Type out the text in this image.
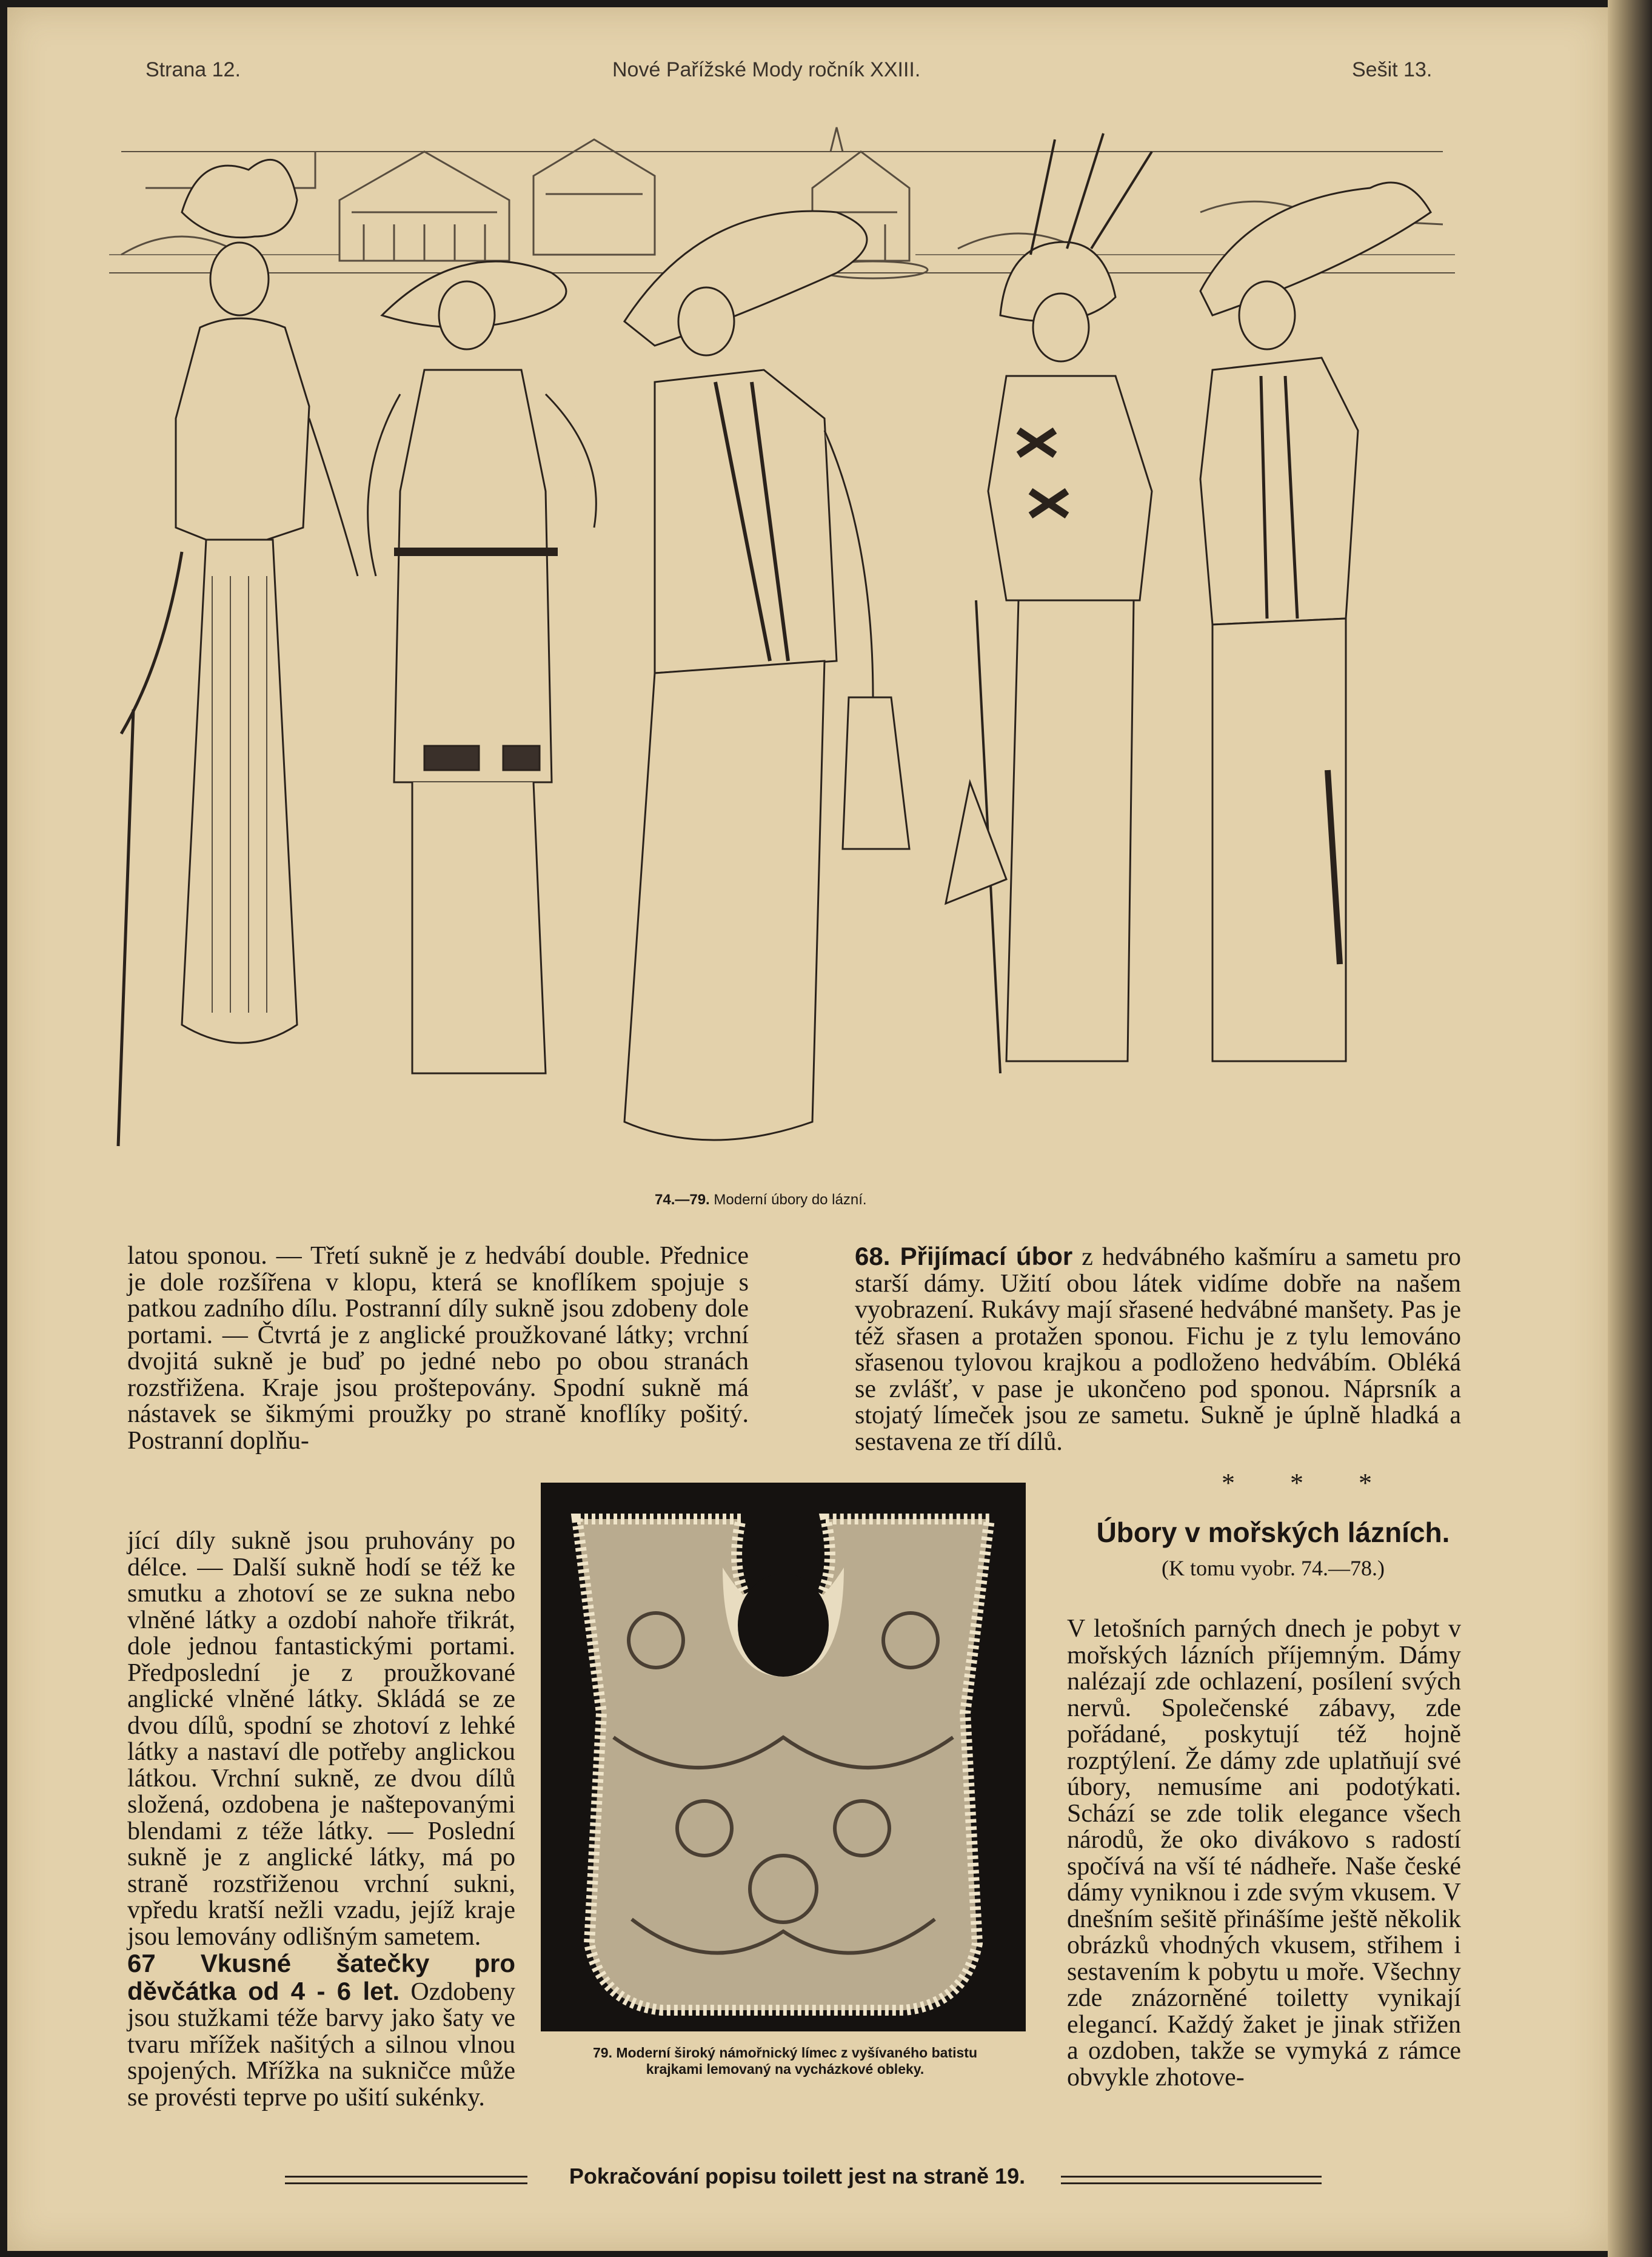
Strana 12.	Nové Pařížské Mody ročník XXIII.	Sešit 13.
74.—79. Moderní úbory do lázní.

latou sponou. — Třetí sukně je z hedvábí double. Přednice je dole rozšířena v klopu, která se knoflíkem spojuje s patkou zadního dílu. Postranní díly sukně jsou zdobeny dole portami. — Čtvrtá je z anglické proužkované látky; vrchní dvojitá sukně je buď po jedné nebo po obou stranách rozstřižena. Kraje jsou proštepovány. Spodní sukně má nástavek se šikmými proužky po straně knoflíky pošitý. Postranní doplňu-

jící díly sukně jsou pruhovány po délce. — Další sukně hodí se též ke smutku a zhotoví se ze sukna nebo vlněné látky a ozdobí nahoře třikrát, dole jednou fantastickými portami. Předposlední je z proužkované anglické vlněné látky. Skládá se ze dvou dílů, spodní se zhotoví z lehké látky a nastaví dle potřeby anglickou látkou. Vrchní sukně, ze dvou dílů složená, ozdobena je naštepovanými blendami z téže látky. — Poslední sukně je z anglické látky, má po straně rozstřiženou vrchní sukni, vpředu kratší nežli vzadu, jejíž kraje jsou lemovány odlišným sametem.

67 Vkusné šatečky pro děvčátka od 4 - 6 let. Ozdobeny jsou stužkami téže barvy jako šaty ve tvaru mřížek našitých a silnou vlnou spojených. Mřížka na sukničce může se provésti teprve po ušití sukénky.

68. Přijímací úbor z hedvábného kašmíru a sametu pro starší dámy. Užití obou látek vidíme dobře na našem vyobrazení. Rukávy mají sřasené hedvábné manšety. Pas je též sřasen a protažen sponou. Fichu je z tylu lemováno sřasenou tylovou krajkou a podloženo hedvábím. Obléká se zvlášť, v pase je ukončeno pod sponou. Náprsník a stojatý límeček jsou ze sametu. Sukně je úplně hladká a sestavena ze tří dílů.

* * *
Úbory v mořských lázních.
(K tomu vyobr. 74.—78.)

V letošních parných dnech je pobyt v mořských lázních příjemným. Dámy nalézají zde ochlazení, posílení svých nervů. Společenské zábavy, zde pořádané, poskytují též hojně rozptýlení. Že dámy zde uplatňují své úbory, nemusíme ani podotýkati. Schází se zde tolik elegance všech národů, že oko divákovo s radostí spočívá na vší té nádheře. Naše české dámy vyniknou i zde svým vkusem. V dnešním sešitě přinášíme ještě několik obrázků vhodných vkusem, střihem i sestavením k pobytu u moře. Všechny zde znázorněné toiletty vynikají elegancí. Každý žaket je jinak střižen a ozdoben, takže se vymyká z rámce obvykle zhotove-

79. Moderní široký námořnický límec z vyšívaného batistu
krajkami lemovaný na vycházkové obleky.
Pokračování popisu toilett jest na straně 19.
